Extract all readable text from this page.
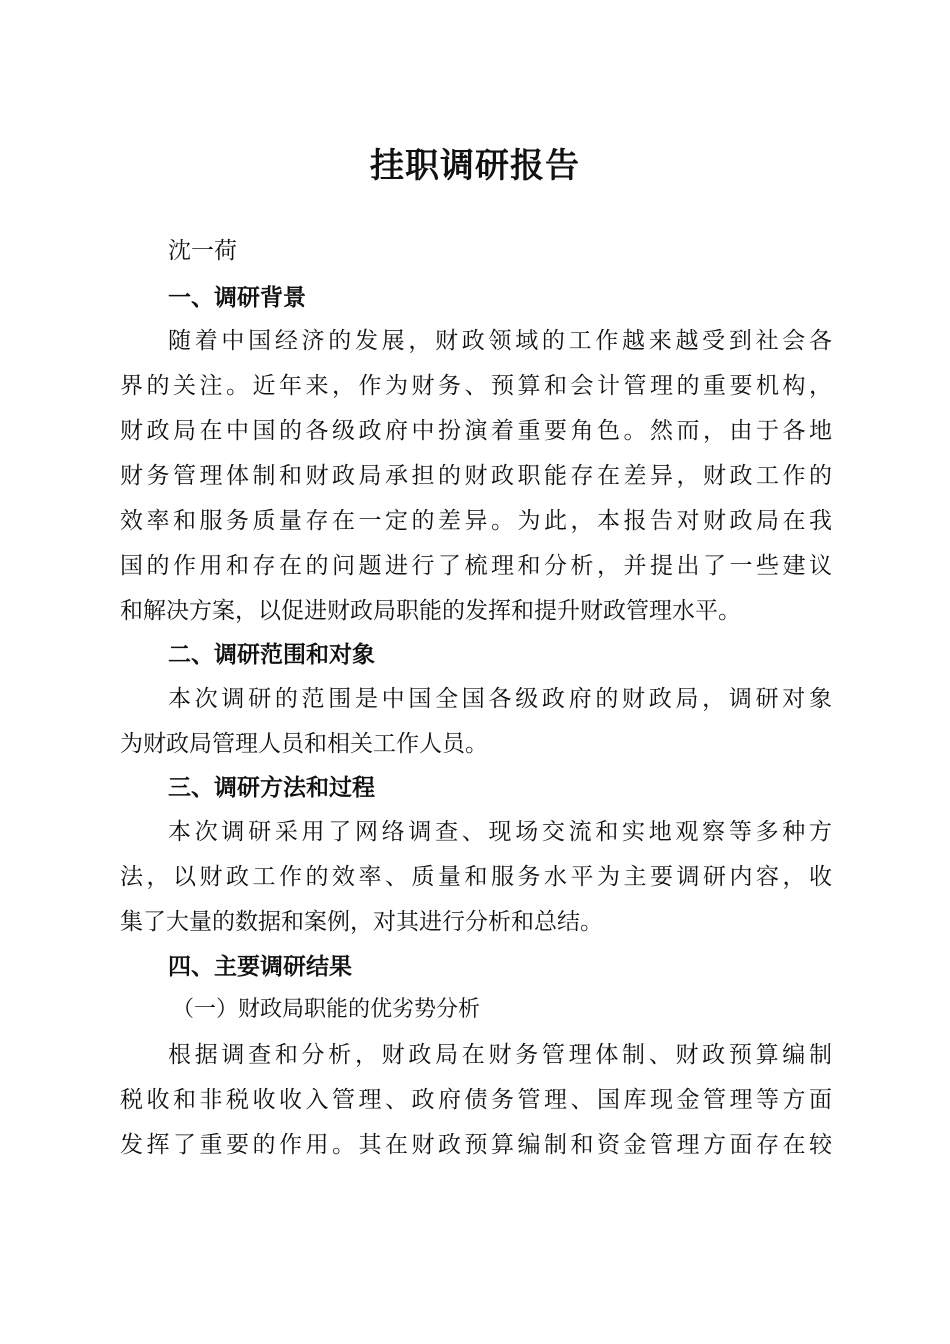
挂职调研报告

沈一荷

一、调研背景

随着中国经济的发展，财政领域的工作越来越受到社会各

界的关注。近年来，作为财务、预算和会计管理的重要机构，

财政局在中国的各级政府中扮演着重要角色。然而，由于各地

财务管理体制和财政局承担的财政职能存在差异，财政工作的

效率和服务质量存在一定的差异。为此，本报告对财政局在我

国的作用和存在的问题进行了梳理和分析，并提出了一些建议

和解决方案，以促进财政局职能的发挥和提升财政管理水平。

二、调研范围和对象

本次调研的范围是中国全国各级政府的财政局，调研对象

为财政局管理人员和相关工作人员。

三、调研方法和过程

本次调研采用了网络调查、现场交流和实地观察等多种方

法，以财政工作的效率、质量和服务水平为主要调研内容，收

集了大量的数据和案例，对其进行分析和总结。

四、主要调研结果

（一）财政局职能的优劣势分析

根据调查和分析，财政局在财务管理体制、财政预算编制

税收和非税收收入管理、政府债务管理、国库现金管理等方面

发挥了重要的作用。其在财政预算编制和资金管理方面存在较
